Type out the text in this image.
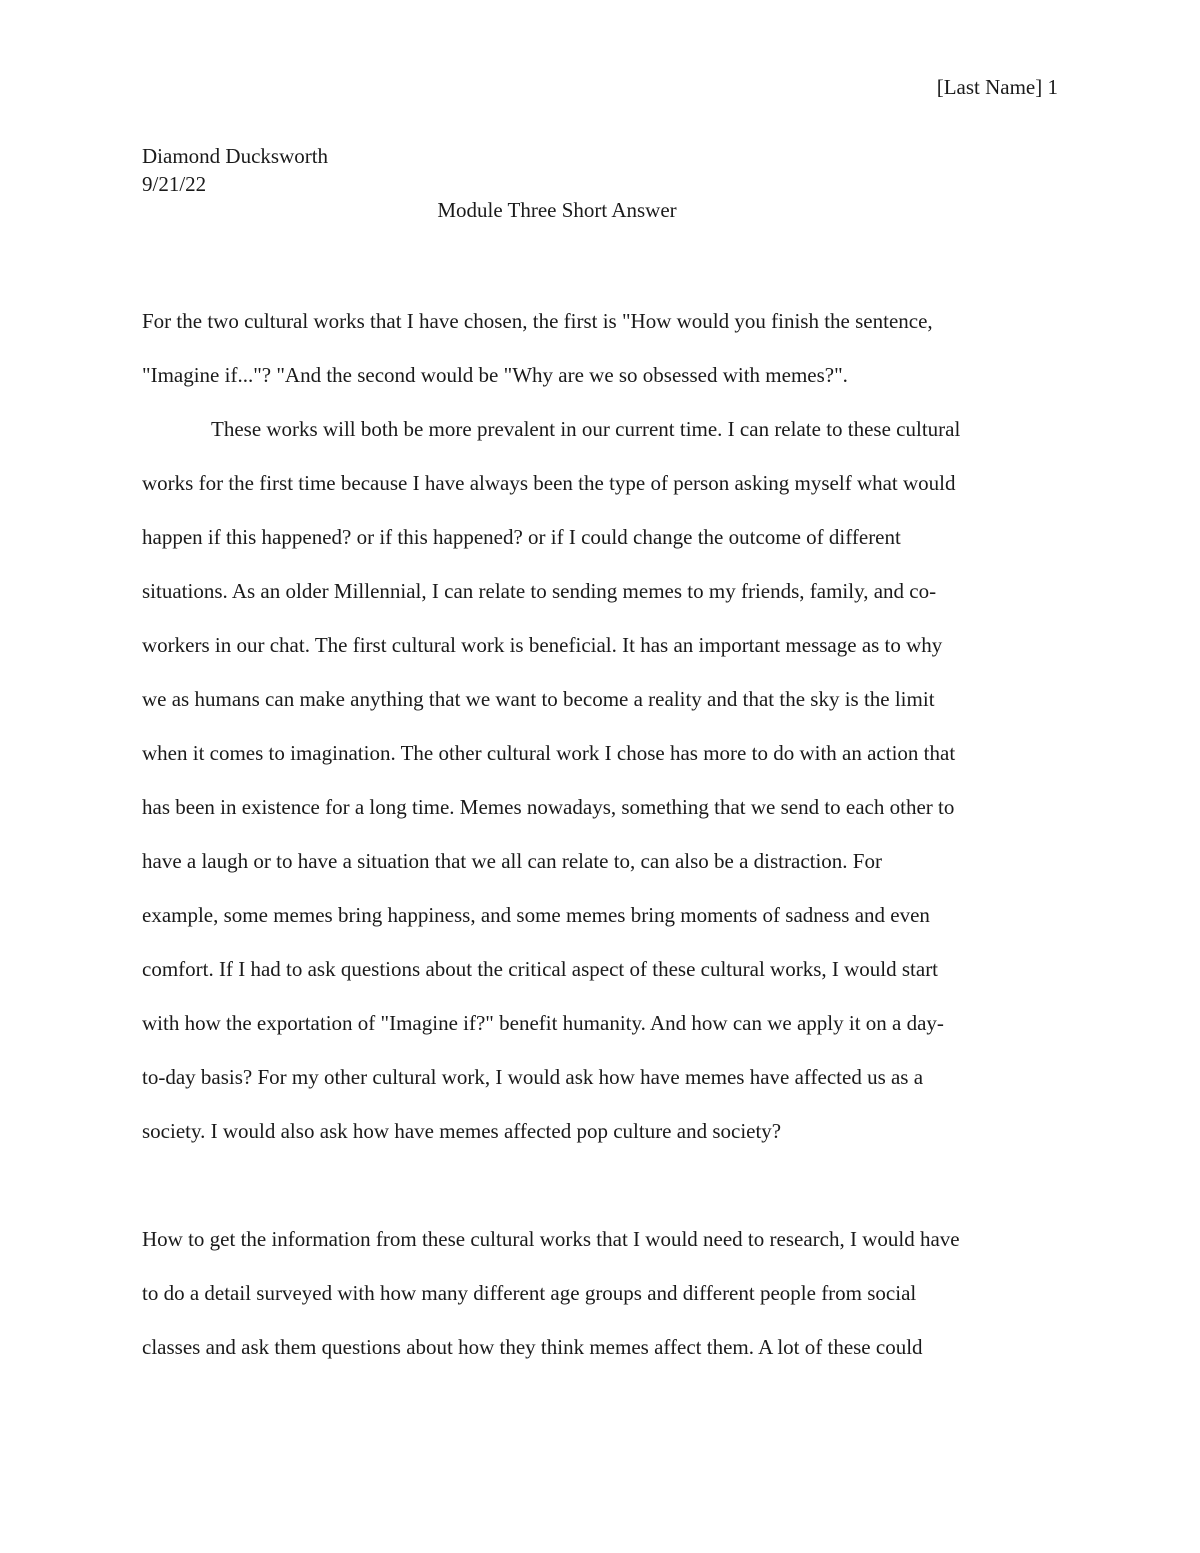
[Last Name] 1
Diamond Ducksworth
9/21/22
Module Three Short Answer
For the two cultural works that I have chosen, the first is "How would you finish the sentence,
"Imagine if..."? "And the second would be "Why are we so obsessed with memes?".
These works will both be more prevalent in our current time. I can relate to these cultural
works for the first time because I have always been the type of person asking myself what would
happen if this happened? or if this happened? or if I could change the outcome of different
situations. As an older Millennial, I can relate to sending memes to my friends, family, and co-
workers in our chat. The first cultural work is beneficial. It has an important message as to why
we as humans can make anything that we want to become a reality and that the sky is the limit
when it comes to imagination. The other cultural work I chose has more to do with an action that
has been in existence for a long time. Memes nowadays, something that we send to each other to
have a laugh or to have a situation that we all can relate to, can also be a distraction. For
example, some memes bring happiness, and some memes bring moments of sadness and even
comfort. If I had to ask questions about the critical aspect of these cultural works, I would start
with how the exportation of "Imagine if?" benefit humanity. And how can we apply it on a day-
to-day basis? For my other cultural work, I would ask how have memes have affected us as a
society. I would also ask how have memes affected pop culture and society?
How to get the information from these cultural works that I would need to research, I would have
to do a detail surveyed with how many different age groups and different people from social
classes and ask them questions about how they think memes affect them. A lot of these could
